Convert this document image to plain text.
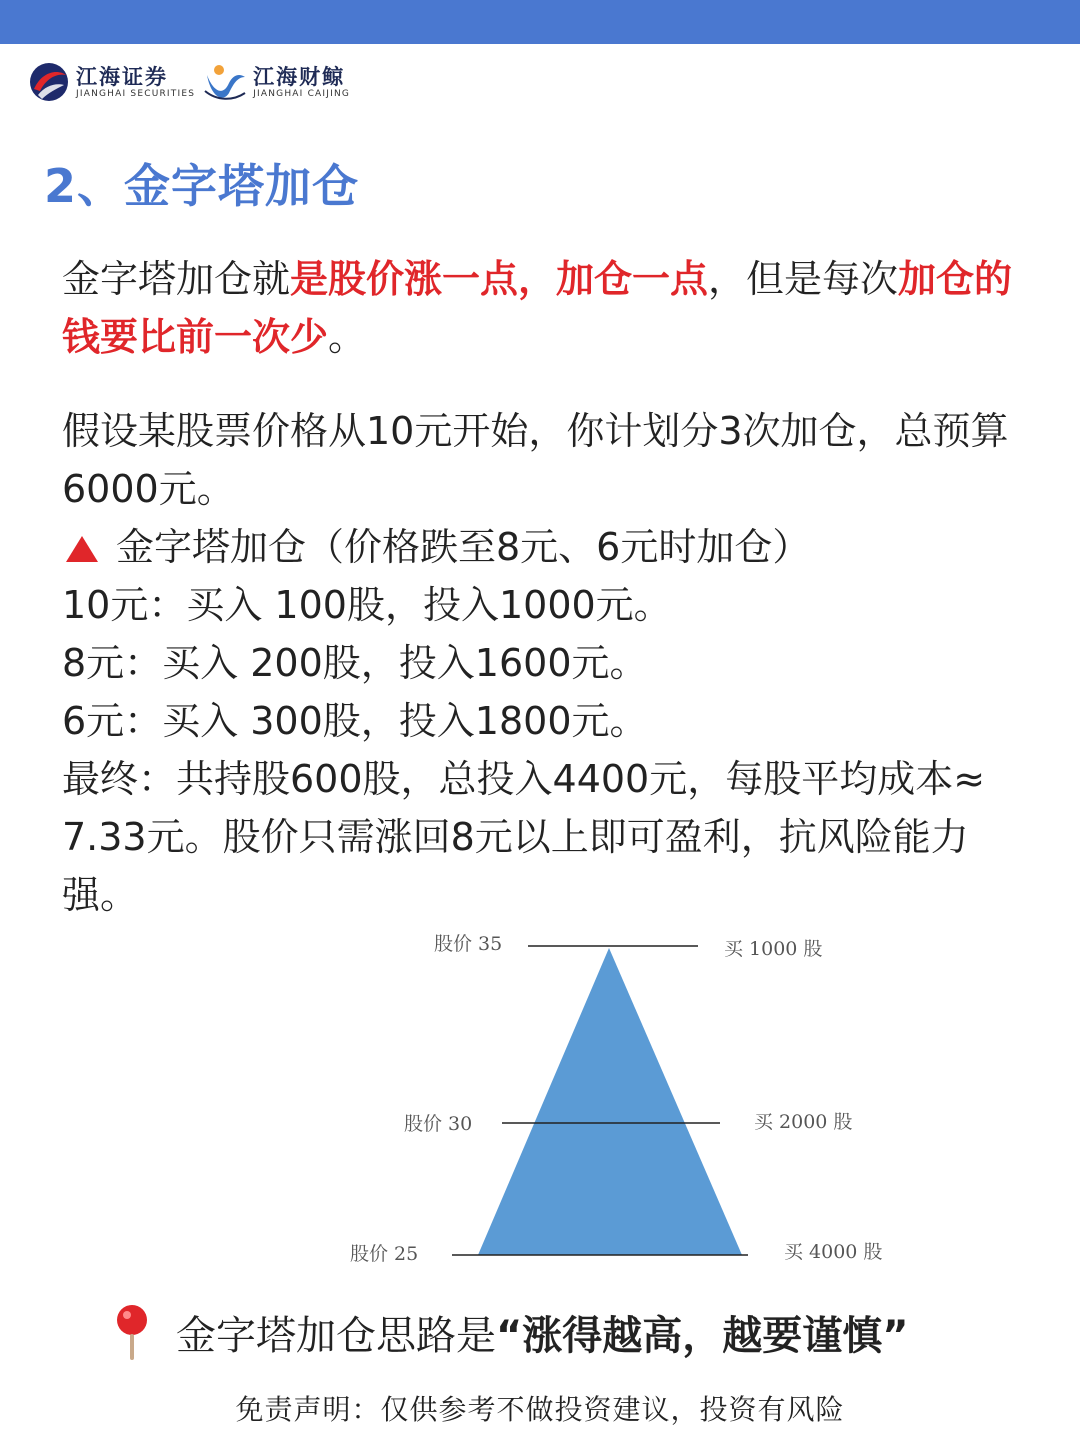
江海证券
JIANGHAI SECURITIES
江海财鲸
JIANGHAI CAIJING
2、金字塔加仓
金字塔加仓就是股价涨一点，加仓一点，但是每次加仓的钱要比前一次少。
假设某股票价格从10元开始，你计划分3次加仓，总预算6000元。
金字塔加仓（价格跌至8元、6元时加仓）
10元：买入 100股，投入1000元。
8元：买入 200股，投入1600元。
6元：买入 300股，投入1800元。
最终：共持股600股，总投入4400元，每股平均成本≈ 7.33元。股价只需涨回8元以上即可盈利，抗风险能力强。
股价 35
股价 30
股价 25
买 1000 股
买 2000 股
买 4000 股
金字塔加仓思路是 “涨得越高，越要谨慎”
免责声明：仅供参考不做投资建议，投资有风险
